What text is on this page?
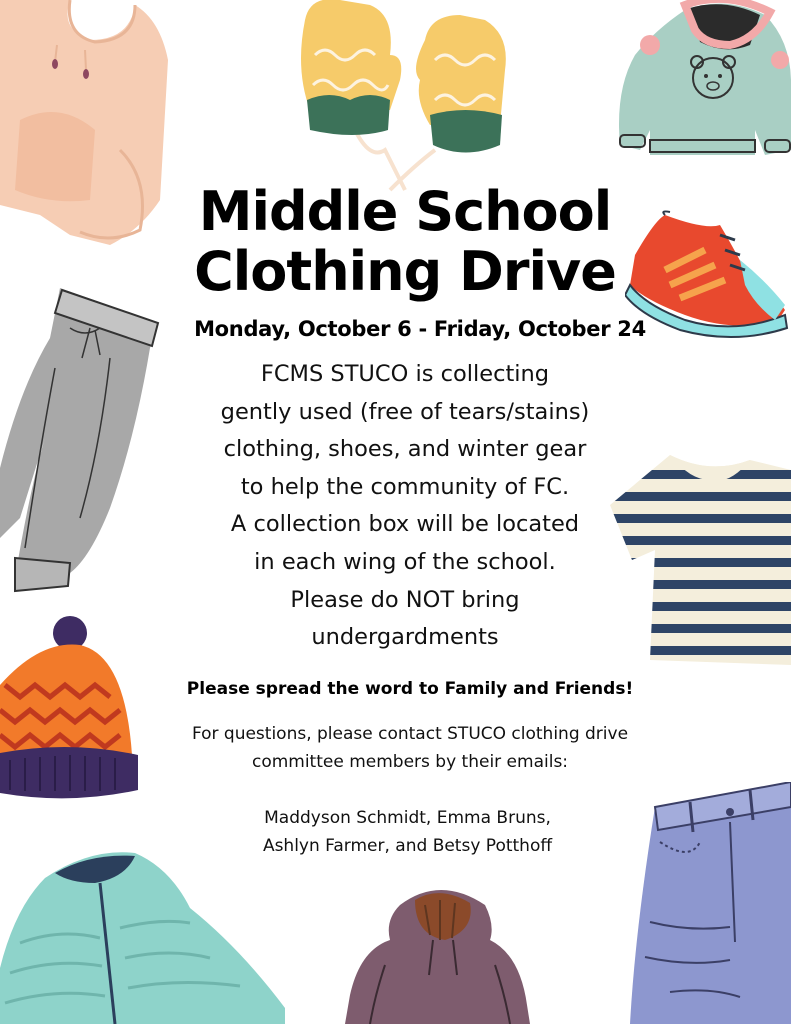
Middle School
Clothing Drive
Monday, October 6 - Friday, October 24
FCMS STUCO is collecting
gently used (free of tears/stains)
clothing, shoes, and winter gear
to help the community of FC.
A collection box will be located
in each wing of the school.
Please do NOT bring
undergardments
Please spread the word to Family and Friends!
For questions, please contact STUCO clothing drive
committee members by their emails:
Maddyson Schmidt, Emma Bruns,
Ashlyn Farmer, and Betsy Potthoff
